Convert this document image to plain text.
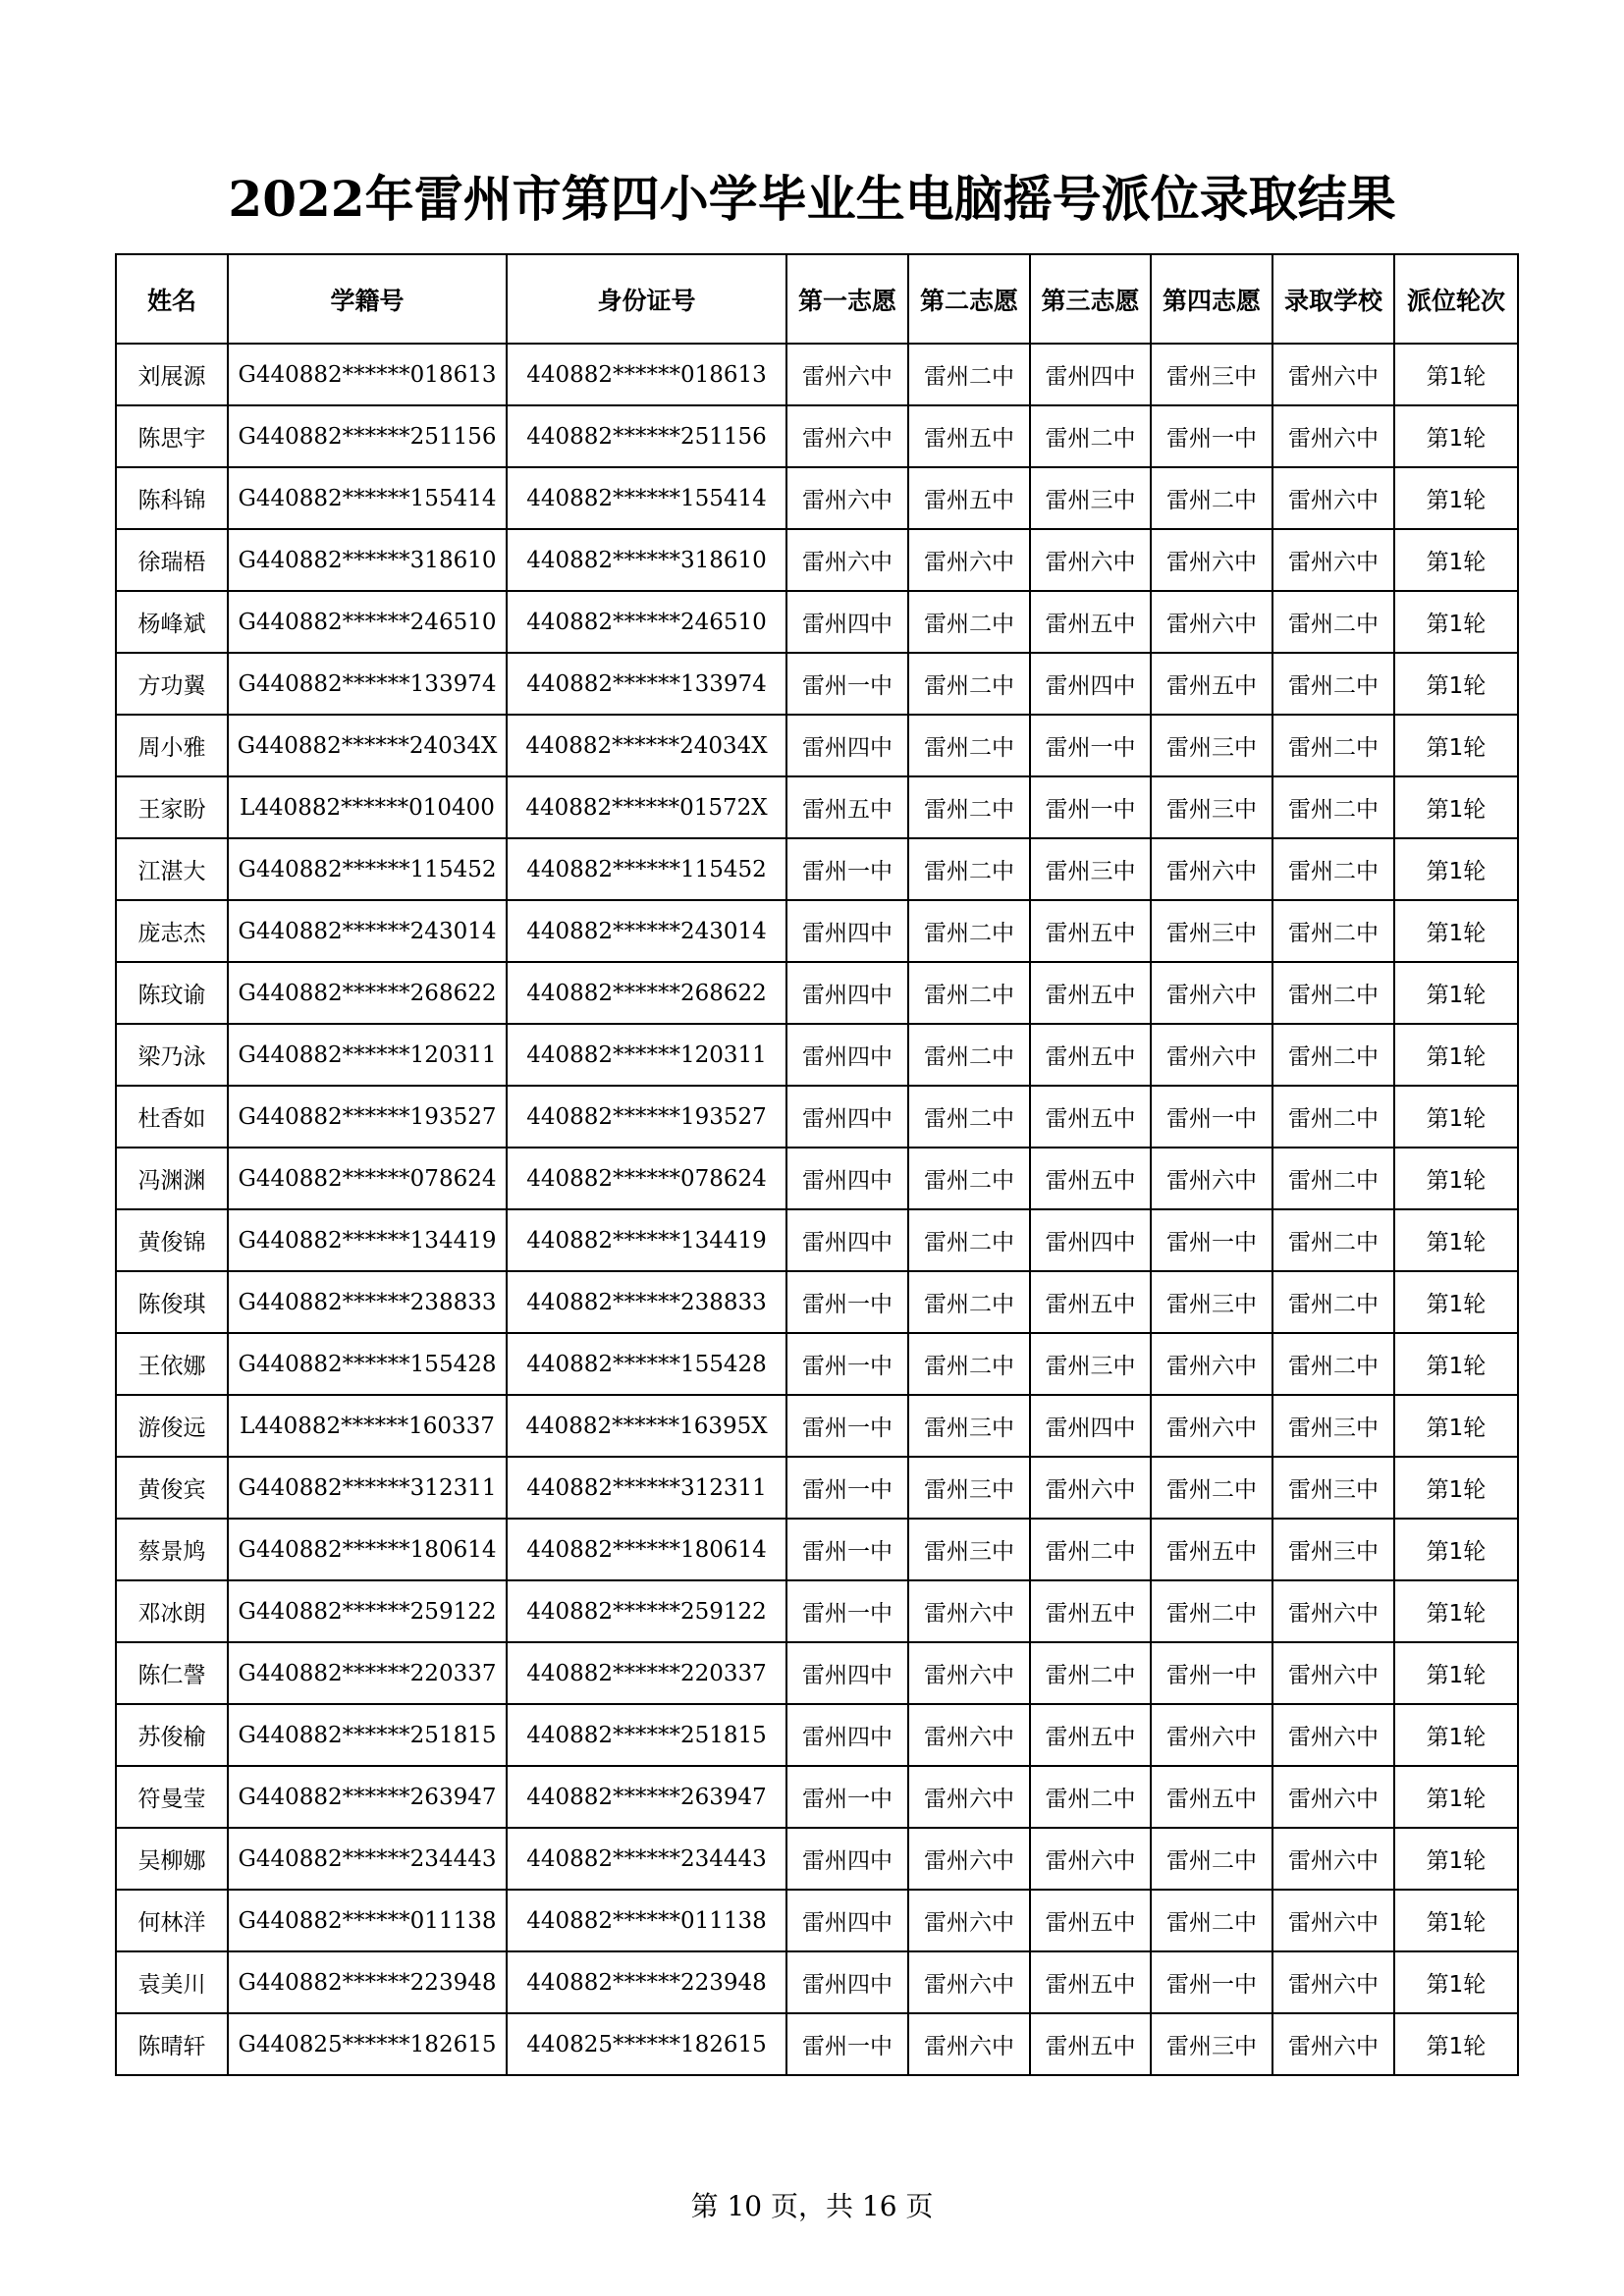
2022年雷州市第四小学毕业生电脑摇号派位录取结果
姓名	学籍号	身份证号	第一志愿	第二志愿	第三志愿	第四志愿	录取学校	派位轮次
刘展源	G440882******018613	440882******018613	雷州六中	雷州二中	雷州四中	雷州三中	雷州六中	第1轮
陈思宇	G440882******251156	440882******251156	雷州六中	雷州五中	雷州二中	雷州一中	雷州六中	第1轮
陈科锦	G440882******155414	440882******155414	雷州六中	雷州五中	雷州三中	雷州二中	雷州六中	第1轮
徐瑞梧	G440882******318610	440882******318610	雷州六中	雷州六中	雷州六中	雷州六中	雷州六中	第1轮
杨峰斌	G440882******246510	440882******246510	雷州四中	雷州二中	雷州五中	雷州六中	雷州二中	第1轮
方功翼	G440882******133974	440882******133974	雷州一中	雷州二中	雷州四中	雷州五中	雷州二中	第1轮
周小雅	G440882******24034X	440882******24034X	雷州四中	雷州二中	雷州一中	雷州三中	雷州二中	第1轮
王家盼	L440882******010400	440882******01572X	雷州五中	雷州二中	雷州一中	雷州三中	雷州二中	第1轮
江湛大	G440882******115452	440882******115452	雷州一中	雷州二中	雷州三中	雷州六中	雷州二中	第1轮
庞志杰	G440882******243014	440882******243014	雷州四中	雷州二中	雷州五中	雷州三中	雷州二中	第1轮
陈玟谕	G440882******268622	440882******268622	雷州四中	雷州二中	雷州五中	雷州六中	雷州二中	第1轮
梁乃泳	G440882******120311	440882******120311	雷州四中	雷州二中	雷州五中	雷州六中	雷州二中	第1轮
杜香如	G440882******193527	440882******193527	雷州四中	雷州二中	雷州五中	雷州一中	雷州二中	第1轮
冯渊渊	G440882******078624	440882******078624	雷州四中	雷州二中	雷州五中	雷州六中	雷州二中	第1轮
黄俊锦	G440882******134419	440882******134419	雷州四中	雷州二中	雷州四中	雷州一中	雷州二中	第1轮
陈俊琪	G440882******238833	440882******238833	雷州一中	雷州二中	雷州五中	雷州三中	雷州二中	第1轮
王依娜	G440882******155428	440882******155428	雷州一中	雷州二中	雷州三中	雷州六中	雷州二中	第1轮
游俊远	L440882******160337	440882******16395X	雷州一中	雷州三中	雷州四中	雷州六中	雷州三中	第1轮
黄俊宾	G440882******312311	440882******312311	雷州一中	雷州三中	雷州六中	雷州二中	雷州三中	第1轮
蔡景鸠	G440882******180614	440882******180614	雷州一中	雷州三中	雷州二中	雷州五中	雷州三中	第1轮
邓冰朗	G440882******259122	440882******259122	雷州一中	雷州六中	雷州五中	雷州二中	雷州六中	第1轮
陈仁謦	G440882******220337	440882******220337	雷州四中	雷州六中	雷州二中	雷州一中	雷州六中	第1轮
苏俊榆	G440882******251815	440882******251815	雷州四中	雷州六中	雷州五中	雷州六中	雷州六中	第1轮
符曼莹	G440882******263947	440882******263947	雷州一中	雷州六中	雷州二中	雷州五中	雷州六中	第1轮
吴柳娜	G440882******234443	440882******234443	雷州四中	雷州六中	雷州六中	雷州二中	雷州六中	第1轮
何林洋	G440882******011138	440882******011138	雷州四中	雷州六中	雷州五中	雷州二中	雷州六中	第1轮
袁美川	G440882******223948	440882******223948	雷州四中	雷州六中	雷州五中	雷州一中	雷州六中	第1轮
陈晴轩	G440825******182615	440825******182615	雷州一中	雷州六中	雷州五中	雷州三中	雷州六中	第1轮
第 10 页，共 16 页
